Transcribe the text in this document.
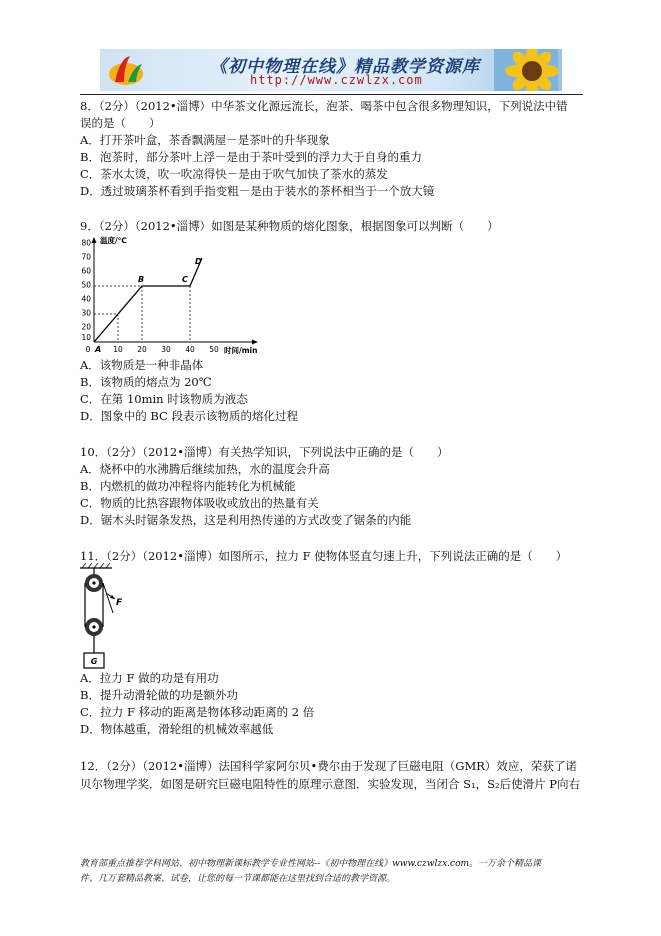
《初中物理在线》精品教学资源库
http://www.czwlzx.com
8．（2分）（2012•淄博）中华茶文化源远流长，泡茶、喝茶中包含很多物理知识，下列说法中错
误的是（　　）
A．打开茶叶盒，茶香飘满屋－是茶叶的升华现象
B．泡茶时，部分茶叶上浮－是由于茶叶受到的浮力大于自身的重力
C．茶水太烫，吹一吹凉得快－是由于吹气加快了茶水的蒸发
D．透过玻璃茶杯看到手指变粗－是由于装水的茶杯相当于一个放大镜
9．（2分）（2012•淄博）如图是某种物质的熔化图象，根据图象可以判断（　　）
80
70
60
50
40
30
20
10
10 20 30 40 50
0
温度/℃
时间/min
A
B	C
D
A．该物质是一种非晶体
B．该物质的熔点为 20℃
C．在第 10min 时该物质为液态
D．图象中的 BC 段表示该物质的熔化过程
10．（2分）（2012•淄博）有关热学知识，下列说法中正确的是（　　）
A．烧杯中的水沸腾后继续加热，水的温度会升高
B．内燃机的做功冲程将内能转化为机械能
C．物质的比热容跟物体吸收或放出的热量有关
D．锯木头时锯条发热，这是利用热传递的方式改变了锯条的内能
11．（2分）（2012•淄博）如图所示，拉力 F 使物体竖直匀速上升，下列说法正确的是（　　）
F
G
A．拉力 F 做的功是有用功
B．提升动滑轮做的功是额外功
C．拉力 F 移动的距离是物体移动距离的 2 倍
D．物体越重，滑轮组的机械效率越低
12．（2分）（2012•淄博）法国科学家阿尔贝•费尔由于发现了巨磁电阻（GMR）效应，荣获了诺
贝尔物理学奖．如图是研究巨磁电阻特性的原理示意图．实验发现，当闭合 S₁，S₂后使滑片 P向右
教育部重点推荐学科网站、初中物理新课标教学专业性网站--《初中物理在线》www.czwlzx.com。一万余个精品课
件、几万套精品教案、试卷，让您的每一节课都能在这里找到合适的教学资源。
